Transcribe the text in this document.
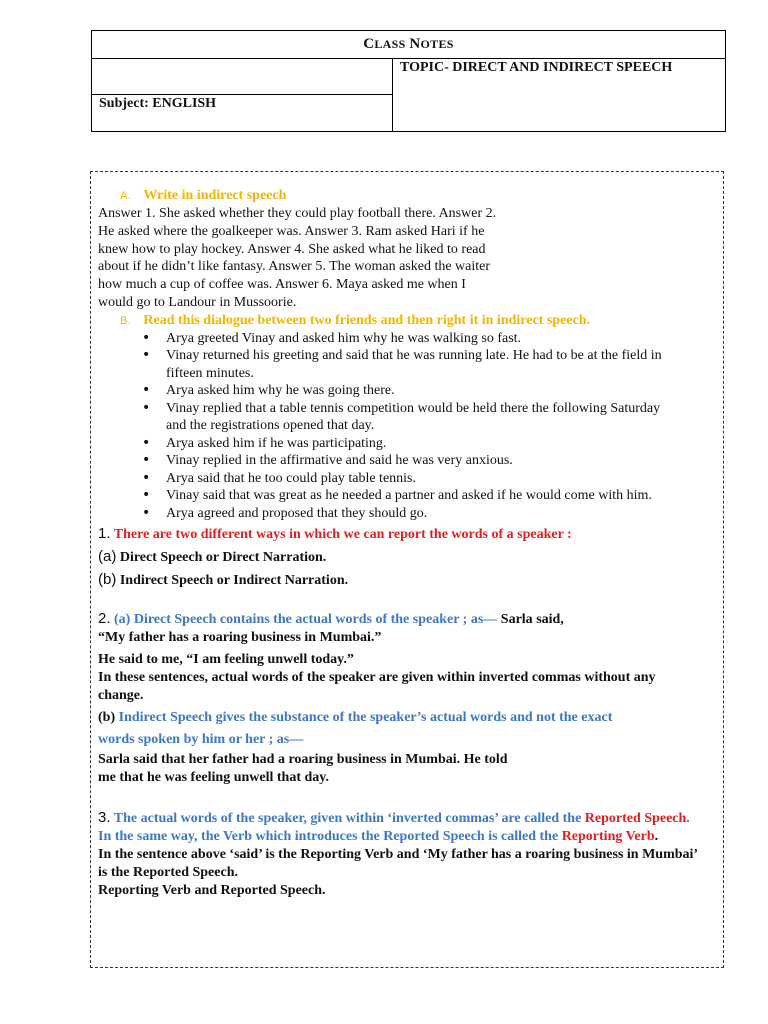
CLASS NOTES
TOPIC- DIRECT AND INDIRECT SPEECH
Subject: ENGLISH
A. Write in indirect speech
Answer 1. She asked whether they could play football there. Answer 2. He asked where the goalkeeper was. Answer 3. Ram asked Hari if he knew how to play hockey. Answer 4. She asked what he liked to read about if he didn’t like fantasy. Answer 5. The woman asked the waiter how much a cup of coffee was. Answer 6. Maya asked me when I would go to Landour in Mussoorie.
B. Read this dialogue between two friends and then right it in indirect speech.
• Arya greeted Vinay and asked him why he was walking so fast.
• Vinay returned his greeting and said that he was running late. He had to be at the field in fifteen minutes.
• Arya asked him why he was going there.
• Vinay replied that a table tennis competition would be held there the following Saturday and the registrations opened that day.
• Arya asked him if he was participating.
• Vinay replied in the affirmative and said he was very anxious.
• Arya said that he too could play table tennis.
• Vinay said that was great as he needed a partner and asked if he would come with him.
• Arya agreed and proposed that they should go.
1. There are two different ways in which we can report the words of a speaker :
(a) Direct Speech or Direct Narration.
(b) Indirect Speech or Indirect Narration.
2. (a) Direct Speech contains the actual words of the speaker ; as— Sarla said, “My father has a roaring business in Mumbai.”
He said to me, “I am feeling unwell today.”
In these sentences, actual words of the speaker are given within inverted commas without any change.
(b) Indirect Speech gives the substance of the speaker’s actual words and not the exact words spoken by him or her ; as—
Sarla said that her father had a roaring business in Mumbai. He told me that he was feeling unwell that day.
3. The actual words of the speaker, given within ‘inverted commas’ are called the Reported Speech. In the same way, the Verb which introduces the Reported Speech is called the Reporting Verb.
In the sentence above ‘said’ is the Reporting Verb and ‘My father has a roaring business in Mumbai’ is the Reported Speech.
Reporting Verb and Reported Speech.
